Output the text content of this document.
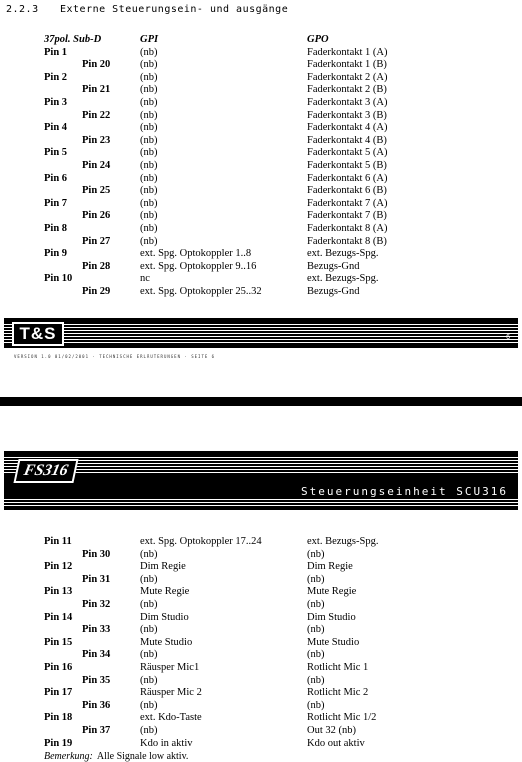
2.2.3 Externe Steuerungsein- und ausgänge
37pol. Sub-D	GPI	GPO
Pin 1	(nb)	Faderkontakt 1 (A)
Pin 20	(nb)	Faderkontakt 1 (B)
Pin 2	(nb)	Faderkontakt 2 (A)
Pin 21	(nb)	Faderkontakt 2 (B)
Pin 3	(nb)	Faderkontakt 3 (A)
Pin 22	(nb)	Faderkontakt 3 (B)
Pin 4	(nb)	Faderkontakt 4 (A)
Pin 23	(nb)	Faderkontakt 4 (B)
Pin 5	(nb)	Faderkontakt 5 (A)
Pin 24	(nb)	Faderkontakt 5 (B)
Pin 6	(nb)	Faderkontakt 6 (A)
Pin 25	(nb)	Faderkontakt 6 (B)
Pin 7	(nb)	Faderkontakt 7 (A)
Pin 26	(nb)	Faderkontakt 7 (B)
Pin 8	(nb)	Faderkontakt 8 (A)
Pin 27	(nb)	Faderkontakt 8 (B)
Pin 9	ext. Spg. Optokoppler 1..8	ext. Bezugs-Spg.
Pin 28	ext. Spg. Optokoppler 9..16	Bezugs-Gnd
Pin 10	nc	ext. Bezugs-Spg.
Pin 29	ext. Spg. Optokoppler 25..32	Bezugs-Gnd
T&S	6
VERSION 1.0 01/02/2001 · TECHNISCHE ERLÄUTERUNGEN · SEITE 6
FS316
Steuerungseinheit SCU316
Pin 11	ext. Spg. Optokoppler 17..24	ext. Bezugs-Spg.
Pin 30	(nb)	(nb)
Pin 12	Dim Regie	Dim Regie
Pin 31	(nb)	(nb)
Pin 13	Mute Regie	Mute Regie
Pin 32	(nb)	(nb)
Pin 14	Dim Studio	Dim Studio
Pin 33	(nb)	(nb)
Pin 15	Mute Studio	Mute Studio
Pin 34	(nb)	(nb)
Pin 16	Räusper Mic1	Rotlicht Mic 1
Pin 35	(nb)	(nb)
Pin 17	Räusper Mic 2	Rotlicht Mic 2
Pin 36	(nb)	(nb)
Pin 18	ext. Kdo-Taste	Rotlicht Mic 1/2
Pin 37	(nb)	Out 32 (nb)
Pin 19	Kdo in aktiv	Kdo out aktiv
Bemerkung: Alle Signale low aktiv.
